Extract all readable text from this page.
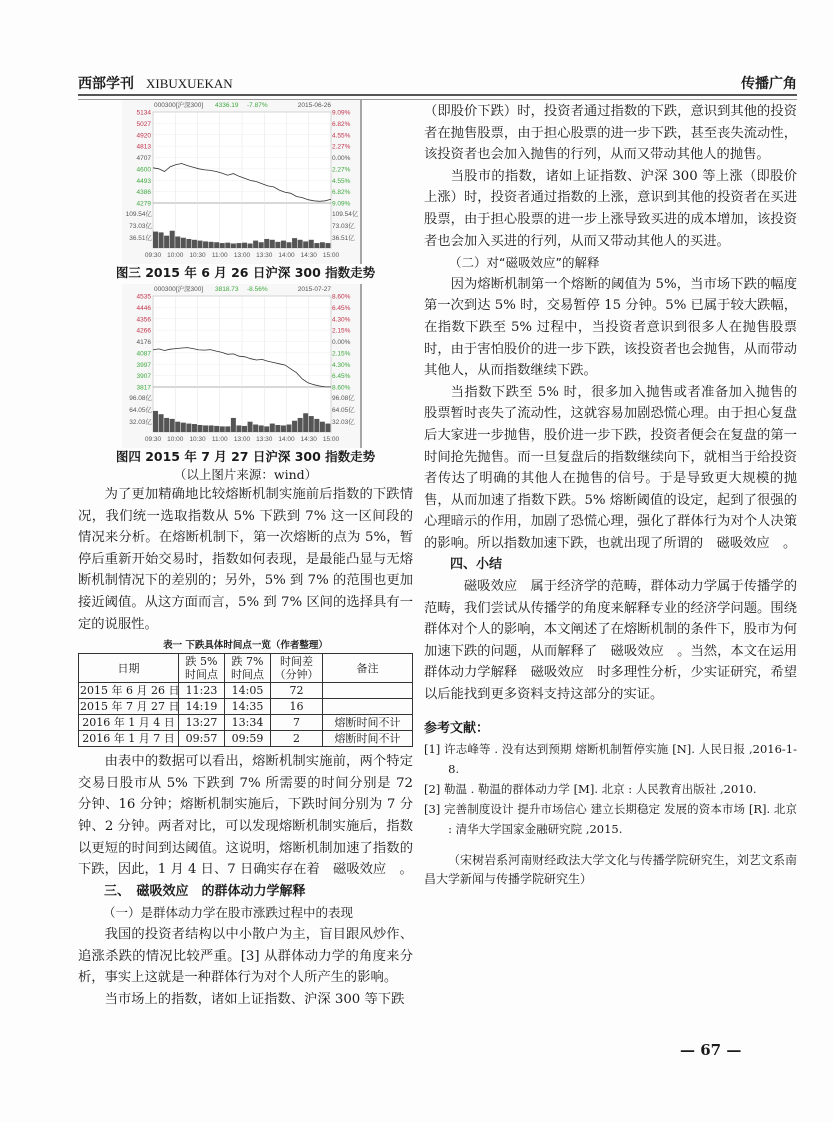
西部学刊 XIBUXUEKAN	传播广角
000300[沪深300] 4336.19 -7.87%	2015-06-26
5134	9.09%
5027	6.82%
4920	4.55%
4813	2.27%
4707	0.00%
4600	2.27%
4493	4.55%
4386	6.82%
4279	9.09%
109.54亿	109.54亿
73.03亿	73.03亿
36.51亿	36.51亿
09:30 10:00 10:30 11:00 13:00 13:30 14:00 14:30 15:00
图三 2015 年 6 月 26 日沪深 300 指数走势
000300[沪深300] 3818.73 -8.56%	2015-07-27
4535	8.60%
4446	6.45%
4356	4.30%
4266	2.15%
4176	0.00%
4087	2.15%
3997	4.30%
3907	6.45%
3817	8.60%
96.08亿	96.08亿
64.05亿	64.05亿
32.03亿	32.03亿
09:30 10:00 10:30 11:00 13:00 13:30 14:00 14:30 15:00
图四 2015 年 7 月 27 日沪深 300 指数走势
（以上图片来源：wind）

为了更加精确地比较熔断机制实施前后指数的下跌情况，我们统一选取指数从 5% 下跌到 7% 这一区间段的情况来分析。在熔断机制下，第一次熔断的点为 5%，暂停后重新开始交易时，指数如何表现，是最能凸显与无熔断机制情况下的差别的；另外，5% 到 7% 的范围也更加接近阈值。从这方面而言，5% 到 7% 区间的选择具有一定的说服性。

表一 下跌具体时间点一览（作者整理）
日期	跌 5% 时间点	跌 7% 时间点	时间差（分钟）	备注
2015 年 6 月 26 日	11:23	14:05	72	
2015 年 7 月 27 日	14:19	14:35	16	
2016 年 1 月 4 日	13:27	13:34	7	熔断时间不计
2016 年 1 月 7 日	09:57	09:59	2	熔断时间不计

由表中的数据可以看出，熔断机制实施前，两个特定交易日股市从 5% 下跌到 7% 所需要的时间分别是 72 分钟、16 分钟；熔断机制实施后，下跌时间分别为 7 分钟、2 分钟。两者对比，可以发现熔断机制实施后，指数以更短的时间到达阈值。这说明，熔断机制加速了指数的下跌，因此，1 月 4 日、7 日确实存在着　磁吸效应　。

三、　磁吸效应　的群体动力学解释

（一）是群体动力学在股市涨跌过程中的表现

我国的投资者结构以中小散户为主，盲目跟风炒作、追涨杀跌的情况比较严重。[3] 从群体动力学的角度来分析，事实上这就是一种群体行为对个人所产生的影响。

当市场上的指数，诸如上证指数、沪深 300 等下跌

（即股价下跌）时，投资者通过指数的下跌，意识到其他的投资者在抛售股票，由于担心股票的进一步下跌，甚至丧失流动性，该投资者也会加入抛售的行列，从而又带动其他人的抛售。

当股市的指数，诸如上证指数、沪深 300 等上涨（即股价上涨）时，投资者通过指数的上涨，意识到其他的投资者在买进股票，由于担心股票的进一步上涨导致买进的成本增加，该投资者也会加入买进的行列，从而又带动其他人的买进。

（二）对“磁吸效应”的解释

因为熔断机制第一个熔断的阈值为 5%，当市场下跌的幅度第一次到达 5% 时，交易暂停 15 分钟。5% 已属于较大跌幅，在指数下跌至 5% 过程中，当投资者意识到很多人在抛售股票时，由于害怕股价的进一步下跌，该投资者也会抛售，从而带动其他人，从而指数继续下跌。

当指数下跌至 5% 时，很多加入抛售或者准备加入抛售的股票暂时丧失了流动性，这就容易加剧恐慌心理。由于担心复盘后大家进一步抛售，股价进一步下跌，投资者便会在复盘的第一时间抢先抛售。而一旦复盘后的指数继续向下，就相当于给投资者传达了明确的其他人在抛售的信号。于是导致更大规模的抛售，从而加速了指数下跌。5% 熔断阈值的设定，起到了很强的心理暗示的作用，加剧了恐慌心理，强化了群体行为对个人决策的影响。所以指数加速下跌，也就出现了所谓的　磁吸效应　。

四、小结

　磁吸效应　属于经济学的范畴，群体动力学属于传播学的范畴，我们尝试从传播学的角度来解释专业的经济学问题。围绕群体对个人的影响，本文阐述了在熔断机制的条件下，股市为何加速下跌的问题，从而解释了　磁吸效应　。当然，本文在运用群体动力学解释　磁吸效应　时多理性分析，少实证研究，希望以后能找到更多资料支持这部分的实证。

参考文献：
[1] 许志峰等 . 没有达到预期 熔断机制暂停实施 [N]. 人民日报 ,2016-1-8.
[2] 勒温 . 勒温的群体动力学 [M]. 北京 : 人民教育出版社 ,2010.
[3] 完善制度设计 提升市场信心 建立长期稳定 发展的资本市场 [R]. 北京 : 清华大学国家金融研究院 ,2015.
（宋树岩系河南财经政法大学文化与传播学院研究生，刘艺文系南昌大学新闻与传播学院研究生）
— 67 —
